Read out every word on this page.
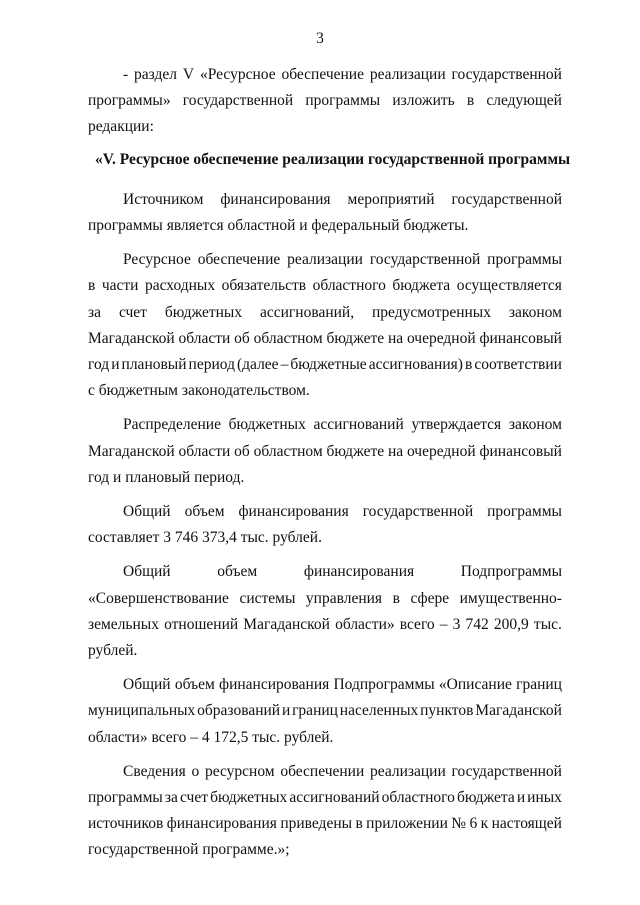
3
- раздел V «Ресурсное обеспечение реализации государственной
программы» государственной программы изложить в следующей
редакции:
«V. Ресурсное обеспечение реализации государственной программы
Источником финансирования мероприятий государственной
программы является областной и федеральный бюджеты.
Ресурсное обеспечение реализации государственной программы
в части расходных обязательств областного бюджета осуществляется
за счет бюджетных ассигнований, предусмотренных законом
Магаданской области об областном бюджете на очередной финансовый
год и плановый период (далее – бюджетные ассигнования) в соответствии
с бюджетным законодательством.
Распределение бюджетных ассигнований утверждается законом
Магаданской области об областном бюджете на очередной финансовый
год и плановый период.
Общий объем финансирования государственной программы
составляет 3 746 373,4 тыс. рублей.
Общий	объем	финансирования	Подпрограммы
«Совершенствование системы управления в сфере имущественно-
земельных отношений Магаданской области» всего – 3 742 200,9 тыс.
рублей.
Общий объем финансирования Подпрограммы «Описание границ
муниципальных образований и границ населенных пунктов Магаданской
области» всего – 4 172,5 тыс. рублей.
Сведения о ресурсном обеспечении реализации государственной
программы за счет бюджетных ассигнований областного бюджета и иных
источников финансирования приведены в приложении № 6 к настоящей
государственной программе.»;
